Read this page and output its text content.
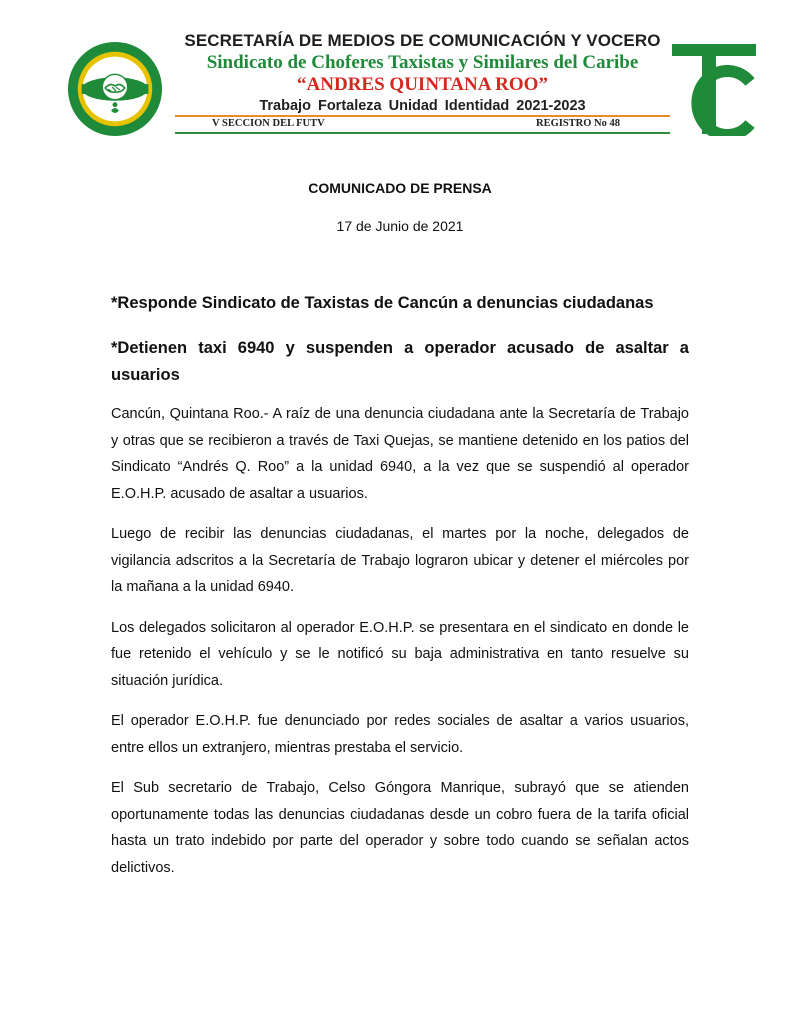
SECRETARÍA DE MEDIOS DE COMUNICACIÓN Y VOCERO
Sindicato de Choferes Taxistas y Similares del Caribe
“ANDRES QUINTANA ROO”
Trabajo Fortaleza Unidad Identidad 2021-2023
V SECCION DEL FUTV	REGISTRO No 48
COMUNICADO DE PRENSA
17 de Junio de 2021

*Responde Sindicato de Taxistas de Cancún a denuncias ciudadanas

*Detienen taxi 6940 y suspenden a operador acusado de asaltar a usuarios

Cancún, Quintana Roo.- A raíz de una denuncia ciudadana ante la Secretaría de Trabajo y otras que se recibieron a través de Taxi Quejas, se mantiene detenido en los patios del Sindicato “Andrés Q. Roo” a la unidad 6940, a la vez que se suspendió al operador E.O.H.P. acusado de asaltar a usuarios.

Luego de recibir las denuncias ciudadanas, el martes por la noche, delegados de vigilancia adscritos a la Secretaría de Trabajo lograron ubicar y detener el miércoles por la mañana a la unidad 6940.

Los delegados solicitaron al operador E.O.H.P. se presentara en el sindicato en donde le fue retenido el vehículo y se le notificó su baja administrativa en tanto resuelve su situación jurídica.

El operador E.O.H.P. fue denunciado por redes sociales de asaltar a varios usuarios, entre ellos un extranjero, mientras prestaba el servicio.

El Sub secretario de Trabajo, Celso Góngora Manrique, subrayó que se atienden oportunamente todas las denuncias ciudadanas desde un cobro fuera de la tarifa oficial hasta un trato indebido por parte del operador y sobre todo cuando se señalan actos delictivos.
